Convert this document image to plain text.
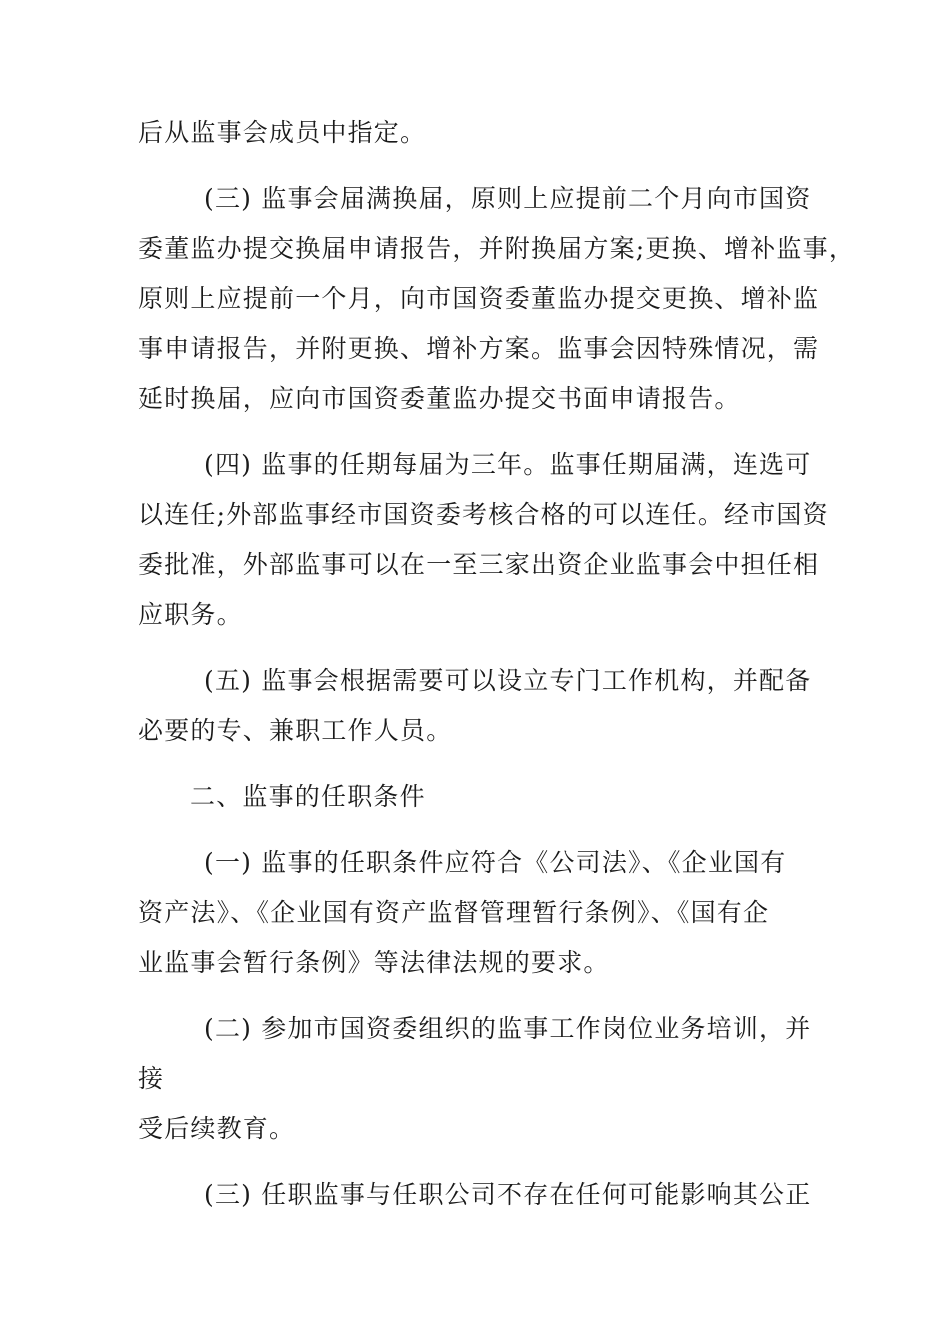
后从监事会成员中指定。
(三) 监事会届满换届，原则上应提前二个月向市国资
委董监办提交换届申请报告，并附换届方案;更换、增补监事，
原则上应提前一个月，向市国资委董监办提交更换、增补监
事申请报告，并附更换、增补方案。监事会因特殊情况，需
延时换届，应向市国资委董监办提交书面申请报告。
(四) 监事的任期每届为三年。监事任期届满，连选可
以连任;外部监事经市国资委考核合格的可以连任。经市国资
委批准，外部监事可以在一至三家出资企业监事会中担任相
应职务。
(五) 监事会根据需要可以设立专门工作机构，并配备
必要的专、兼职工作人员。
二、监事的任职条件
(一) 监事的任职条件应符合《公司法》、《企业国有
资产法》、《企业国有资产监督管理暂行条例》、《国有企
业监事会暂行条例》等法律法规的要求。
(二) 参加市国资委组织的监事工作岗位业务培训，并
接
受后续教育。
(三) 任职监事与任职公司不存在任何可能影响其公正
